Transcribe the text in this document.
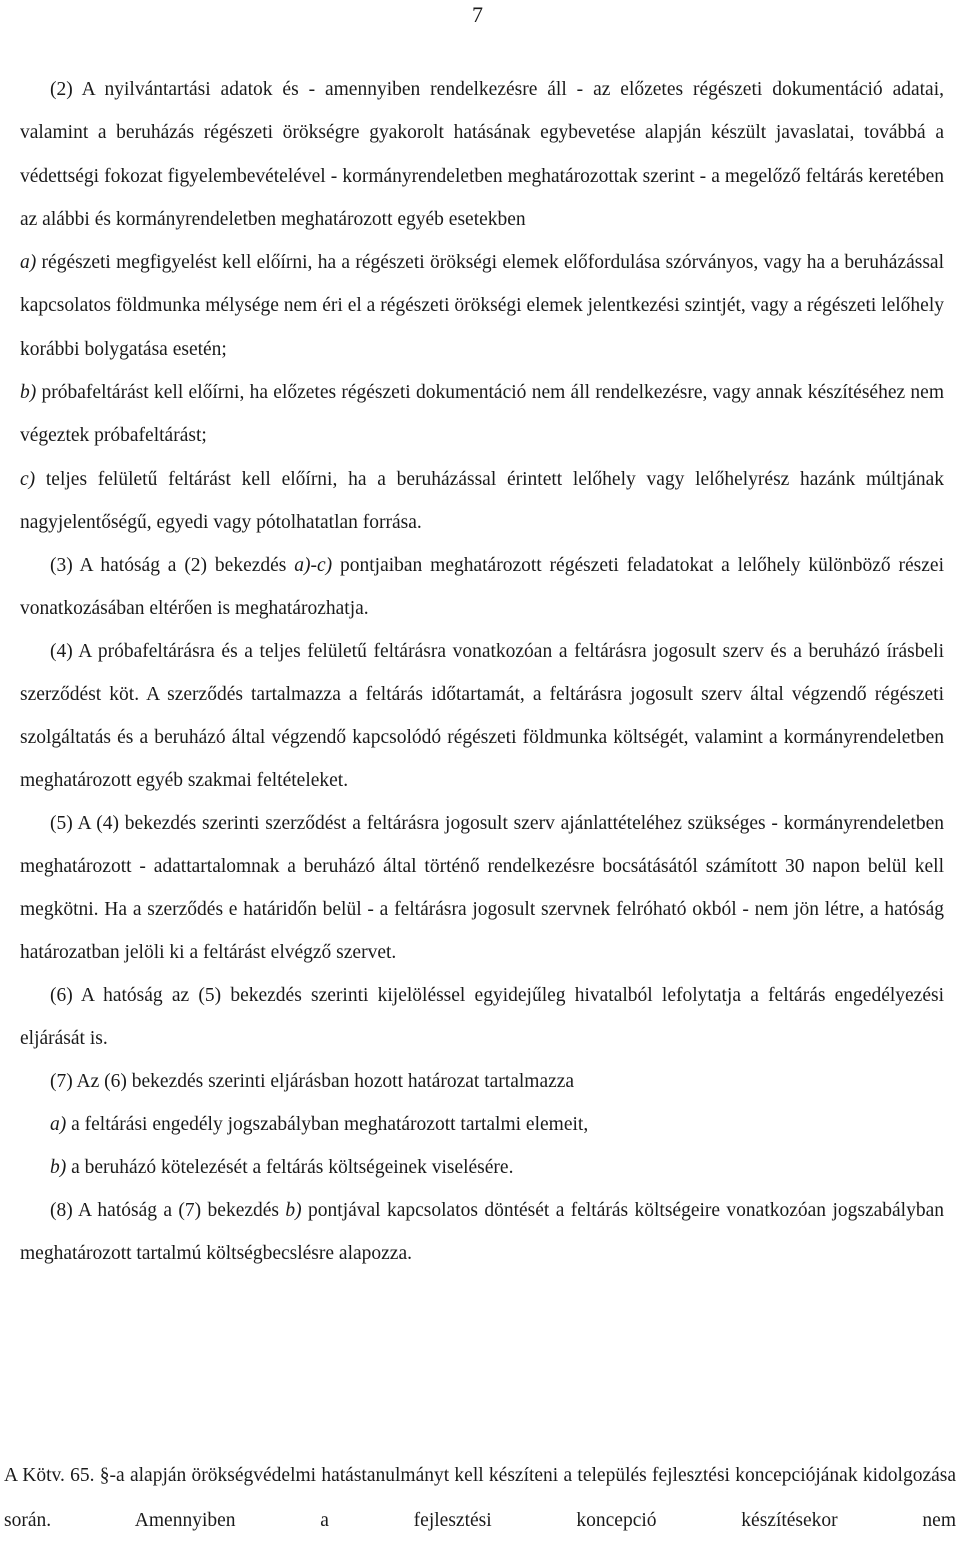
7

(2) A nyilvántartási adatok és - amennyiben rendelkezésre áll - az előzetes régészeti dokumentáció adatai, valamint a beruházás régészeti örökségre gyakorolt hatásának egybevetése alapján készült javaslatai, továbbá a védettségi fokozat figyelembevételével - kormányrendeletben meghatározottak szerint - a megelőző feltárás keretében az alábbi és kormányrendeletben meghatározott egyéb esetekben

a) régészeti megfigyelést kell előírni, ha a régészeti örökségi elemek előfordulása szórványos, vagy ha a beruházással kapcsolatos földmunka mélysége nem éri el a régészeti örökségi elemek jelentkezési szintjét, vagy a régészeti lelőhely korábbi bolygatása esetén;

b) próbafeltárást kell előírni, ha előzetes régészeti dokumentáció nem áll rendelkezésre, vagy annak készítéséhez nem végeztek próbafeltárást;

c) teljes felületű feltárást kell előírni, ha a beruházással érintett lelőhely vagy lelőhelyrész hazánk múltjának nagyjelentőségű, egyedi vagy pótolhatatlan forrása.

(3) A hatóság a (2) bekezdés a)-c) pontjaiban meghatározott régészeti feladatokat a lelőhely különböző részei vonatkozásában eltérően is meghatározhatja.

(4) A próbafeltárásra és a teljes felületű feltárásra vonatkozóan a feltárásra jogosult szerv és a beruházó írásbeli szerződést köt. A szerződés tartalmazza a feltárás időtartamát, a feltárásra jogosult szerv által végzendő régészeti szolgáltatás és a beruházó által végzendő kapcsolódó régészeti földmunka költségét, valamint a kormányrendeletben meghatározott egyéb szakmai feltételeket.

(5) A (4) bekezdés szerinti szerződést a feltárásra jogosult szerv ajánlattételéhez szükséges - kormányrendeletben meghatározott - adattartalomnak a beruházó által történő rendelkezésre bocsátásától számított 30 napon belül kell megkötni. Ha a szerződés e határidőn belül - a feltárásra jogosult szervnek felróható okból - nem jön létre, a hatóság határozatban jelöli ki a feltárást elvégző szervet.

(6) A hatóság az (5) bekezdés szerinti kijelöléssel egyidejűleg hivatalból lefolytatja a feltárás engedélyezési eljárását is.

(7) Az (6) bekezdés szerinti eljárásban hozott határozat tartalmazza

a) a feltárási engedély jogszabályban meghatározott tartalmi elemeit,

b) a beruházó kötelezését a feltárás költségeinek viselésére.

(8) A hatóság a (7) bekezdés b) pontjával kapcsolatos döntését a feltárás költségeire vonatkozóan jogszabályban meghatározott tartalmú költségbecslésre alapozza.

A Kötv. 65. §-a alapján örökségvédelmi hatástanulmányt kell készíteni a település fejlesztési koncepciójának kidolgozása során. Amennyiben a fejlesztési koncepció készítésekor nem
